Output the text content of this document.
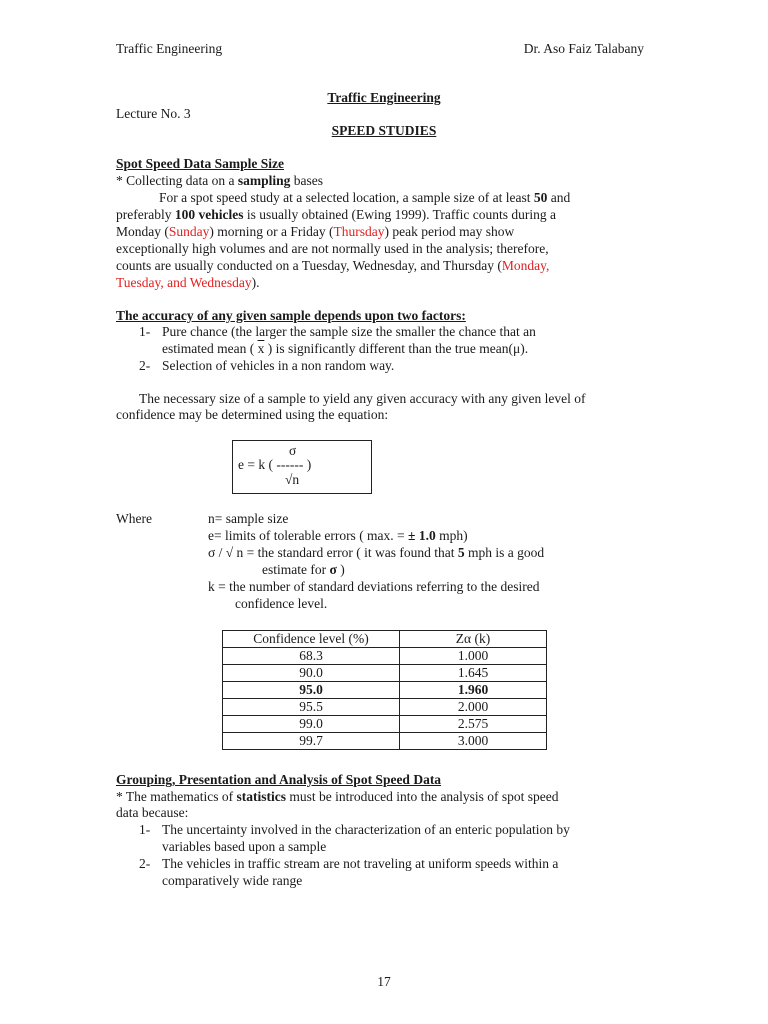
Traffic Engineering	Dr. Aso Faiz Talabany
Traffic Engineering
Lecture No. 3
SPEED STUDIES
Spot Speed Data Sample Size
* Collecting data on a sampling bases
For a spot speed study at a selected location, a sample size of at least 50 and
preferably 100 vehicles is usually obtained (Ewing 1999). Traffic counts during a
Monday (Sunday) morning or a Friday (Thursday) peak period may show
exceptionally high volumes and are not normally used in the analysis; therefore,
counts are usually conducted on a Tuesday, Wednesday, and Thursday (Monday,
Tuesday, and Wednesday).
The accuracy of any given sample depends upon two factors:
1- Pure chance (the larger the sample size the smaller the chance that an
estimated mean ( $\overline{x}$ ) is significantly different than the true mean(μ).
2- Selection of vehicles in a non random way.
The necessary size of a sample to yield any given accuracy with any given level of
confidence may be determined using the equation:
σ
e = k ( ------ )
√n
Where	n= sample size
e= limits of tolerable errors ( max. = ± 1.0 mph)
σ / √ n = the standard error ( it was found that 5 mph is a good
estimate for σ )
k = the number of standard deviations referring to the desired
confidence level.
Confidence level (%)	Zα (k)
68.3	1.000
90.0	1.645
95.0	1.960
95.5	2.000
99.0	2.575
99.7	3.000
Grouping, Presentation and Analysis of Spot Speed Data
* The mathematics of statistics must be introduced into the analysis of spot speed
data because:
1- The uncertainty involved in the characterization of an enteric population by
variables based upon a sample
2- The vehicles in traffic stream are not traveling at uniform speeds within a
comparatively wide range
17
